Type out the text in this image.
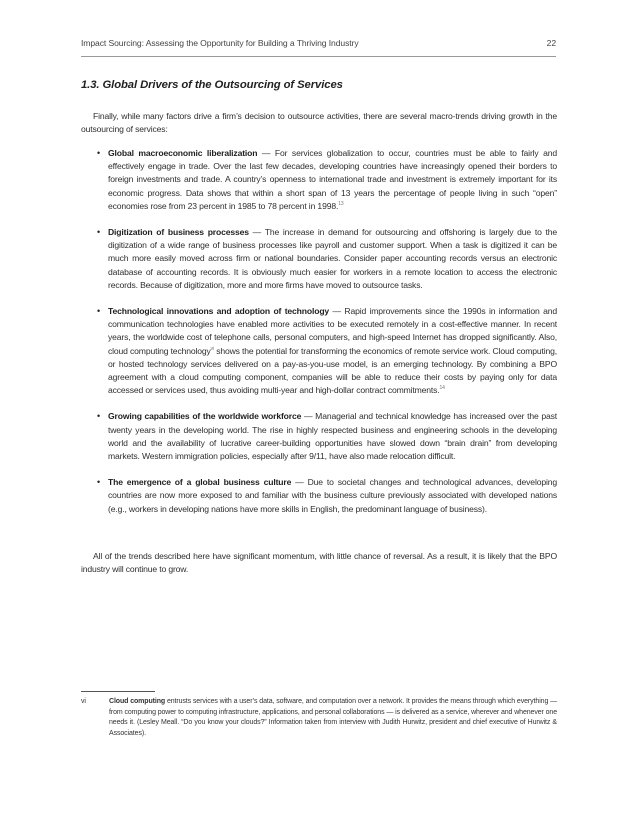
Impact Sourcing: Assessing the Opportunity for Building a Thriving Industry	22
1.3. Global Drivers of the Outsourcing of Services

Finally, while many factors drive a firm’s decision to outsource activities, there are several macro-trends driving growth in the outsourcing of services:

• Global macroeconomic liberalization — For services globalization to occur, countries must be able to fairly and effectively engage in trade. Over the last few decades, developing countries have increasingly opened their borders to foreign investments and trade. A country’s openness to international trade and investment is extremely important for its economic progress. Data shows that within a short span of 13 years the percentage of people living in such “open” economies rose from 23 percent in 1985 to 78 percent in 1998.13
• Digitization of business processes — The increase in demand for outsourcing and offshoring is largely due to the digitization of a wide range of business processes like payroll and customer support. When a task is digitized it can be much more easily moved across firm or national boundaries. Consider paper accounting records versus an electronic database of accounting records. It is obviously much easier for workers in a remote location to access the electronic records. Because of digitization, more and more firms have moved to outsource tasks.
• Technological innovations and adoption of technology — Rapid improvements since the 1990s in information and communication technologies have enabled more activities to be executed remotely in a cost-effective manner. In recent years, the worldwide cost of telephone calls, personal computers, and high-speed Internet has dropped significantly. Also, cloud computing technology$^{vi}$ shows the potential for transforming the economics of remote service work. Cloud computing, or hosted technology services delivered on a pay-as-you-use model, is an emerging technology. By combining a BPO agreement with a cloud computing component, companies will be able to reduce their costs by paying only for data accessed or services used, thus avoiding multi-year and high-dollar contract commitments.$^{14}$
• Growing capabilities of the worldwide workforce — Managerial and technical knowledge has increased over the past twenty years in the developing world. The rise in highly respected business and engineering schools in the developing world and the availability of lucrative career-building opportunities have slowed down “brain drain” from developing markets. Western immigration policies, especially after 9/11, have also made relocation difficult.
• The emergence of a global business culture — Due to societal changes and technological advances, developing countries are now more exposed to and familiar with the business culture previously associated with developed nations (e.g., workers in developing nations have more skills in English, the predominant language of business).

All of the trends described here have significant momentum, with little chance of reversal. As a result, it is likely that the BPO industry will continue to grow.

vi	Cloud computing entrusts services with a user’s data, software, and computation over a network. It provides the means through which everything — from computing power to computing infrastructure, applications, and personal collaborations — is delivered as a service, wherever and whenever one needs it. (Lesley Meall. “Do you know your clouds?” Information taken from interview with Judith Hurwitz, president and chief executive of Hurwitz & Associates).
